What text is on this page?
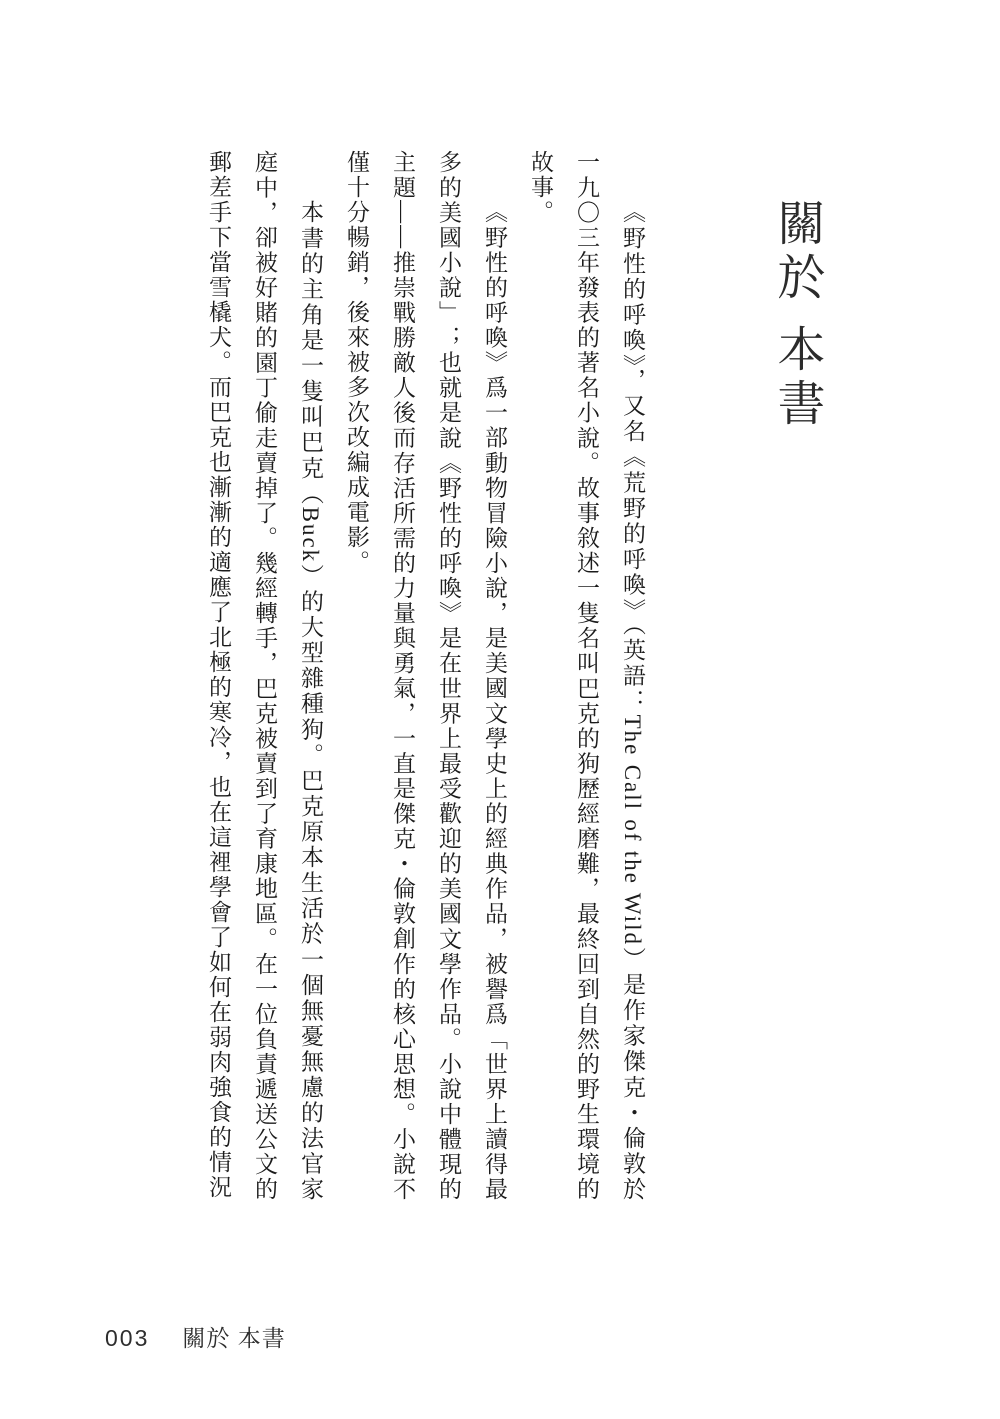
關於 本書

《野性的呼喚》，又名《荒野的呼喚》（英語：The Call of the Wild）是作家傑克・倫敦於一九〇三年發表的著名小說。故事敘述一隻名叫巴克的狗歷經磨難，最終回到自然的野生環境的故事。

《野性的呼喚》爲一部動物冒險小說，是美國文學史上的經典作品，被譽爲「世界上讀得最多的美國小說」；也就是說《野性的呼喚》是在世界上最受歡迎的美國文學作品。小說中體現的主題——推崇戰勝敵人後而存活所需的力量與勇氣，一直是傑克・倫敦創作的核心思想。小說不僅十分暢銷，後來被多次改編成電影。

本書的主角是一隻叫巴克（Buck）的大型雜種狗。巴克原本生活於一個無憂無慮的法官家庭中，卻被好賭的園丁偷走賣掉了。幾經轉手，巴克被賣到了育康地區。在一位負責遞送公文的郵差手下當雪橇犬。而巴克也漸漸的適應了北極的寒冷，也在這裡學會了如何在弱肉強食的情況

003 關於 本書
